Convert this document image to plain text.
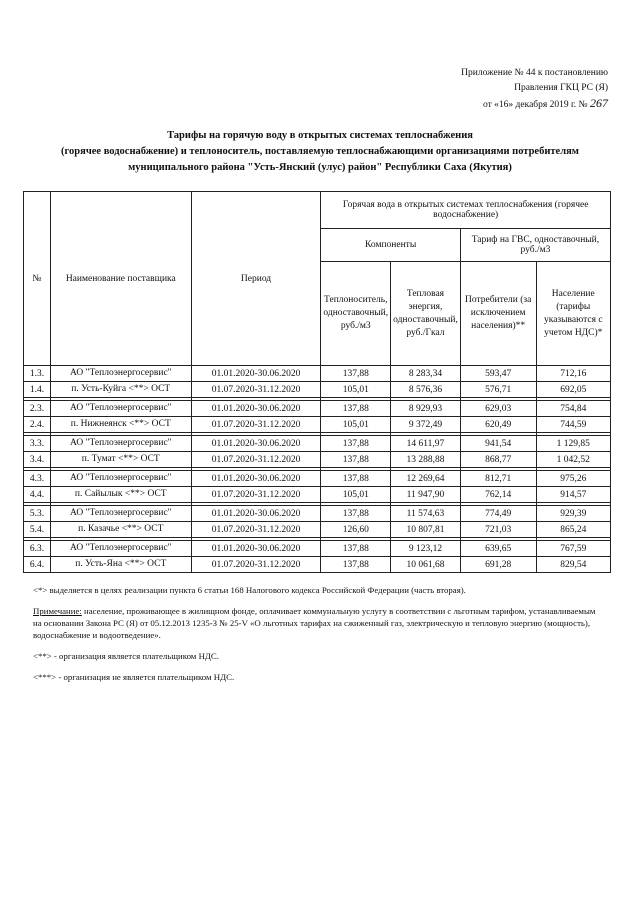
Приложение № 44 к постановлению
Правления ГКЦ РС (Я)
от «16» декабря 2019 г. № 267
Тарифы на горячую воду в открытых системах теплоснабжения
(горячее водоснабжение) и теплоноситель, поставляемую теплоснабжающими организациями потребителям
муниципального района "Усть-Янский (улус) район" Республики Саха (Якутия)
№	Наименование поставщика	Период	Горячая вода в открытых системах теплоснабжения (горячее водоснабжение)			
			Компоненты		Тариф на ГВС, одноставочный, руб./м3	
			Теплоноситель, одноставочный, руб./м3	Тепловая энергия, одноставочный, руб./Гкал	Потребители (за исключением населения)**	Население (тарифы указываются с учетом НДС)*
1.3.	АО "Теплоэнергосервис"	01.01.2020-30.06.2020	137,88	8 283,34	593,47	712,16
1.4.	п. Усть-Куйга <**> ОСТ	01.07.2020-31.12.2020	105,01	8 576,36	576,71	692,05

2.3.	АО "Теплоэнергосервис"	01.01.2020-30.06.2020	137,88	8 929,93	629,03	754,84
2.4.	п. Нижнеянск <**> ОСТ	01.07.2020-31.12.2020	105,01	9 372,49	620,49	744,59

3.3.	АО "Теплоэнергосервис"	01.01.2020-30.06.2020	137,88	14 611,97	941,54	1 129,85
3.4.	п. Тумат <**> ОСТ	01.07.2020-31.12.2020	137,88	13 288,88	868,77	1 042,52

4.3.	АО "Теплоэнергосервис"	01.01.2020-30.06.2020	137,88	12 269,64	812,71	975,26
4.4.	п. Сайылык <**> ОСТ	01.07.2020-31.12.2020	105,01	11 947,90	762,14	914,57

5.3.	АО "Теплоэнергосервис"	01.01.2020-30.06.2020	137,88	11 574,63	774,49	929,39
5.4.	п. Казачье <**> ОСТ	01.07.2020-31.12.2020	126,60	10 807,81	721,03	865,24

6.3.	АО "Теплоэнергосервис"	01.01.2020-30.06.2020	137,88	9 123,12	639,65	767,59
6.4.	п. Усть-Яна <**> ОСТ	01.07.2020-31.12.2020	137,88	10 061,68	691,28	829,54

<*> выделяется в целях реализации пункта 6 статьи 168 Налогового кодекса Российской Федерации (часть вторая).

Примечание: население, проживающее в жилищном фонде, оплачивает коммунальную услугу в соответствии с льготным тарифом, устанавливаемым на основании Закона РС (Я) от 05.12.2013 1235-З № 25-V «О льготных тарифах на сжиженный газ, электрическую и тепловую энергию (мощность), водоснабжение и водоотведение».

<**> - организация является плательщиком НДС.

<***> - организация не является плательщиком НДС.
